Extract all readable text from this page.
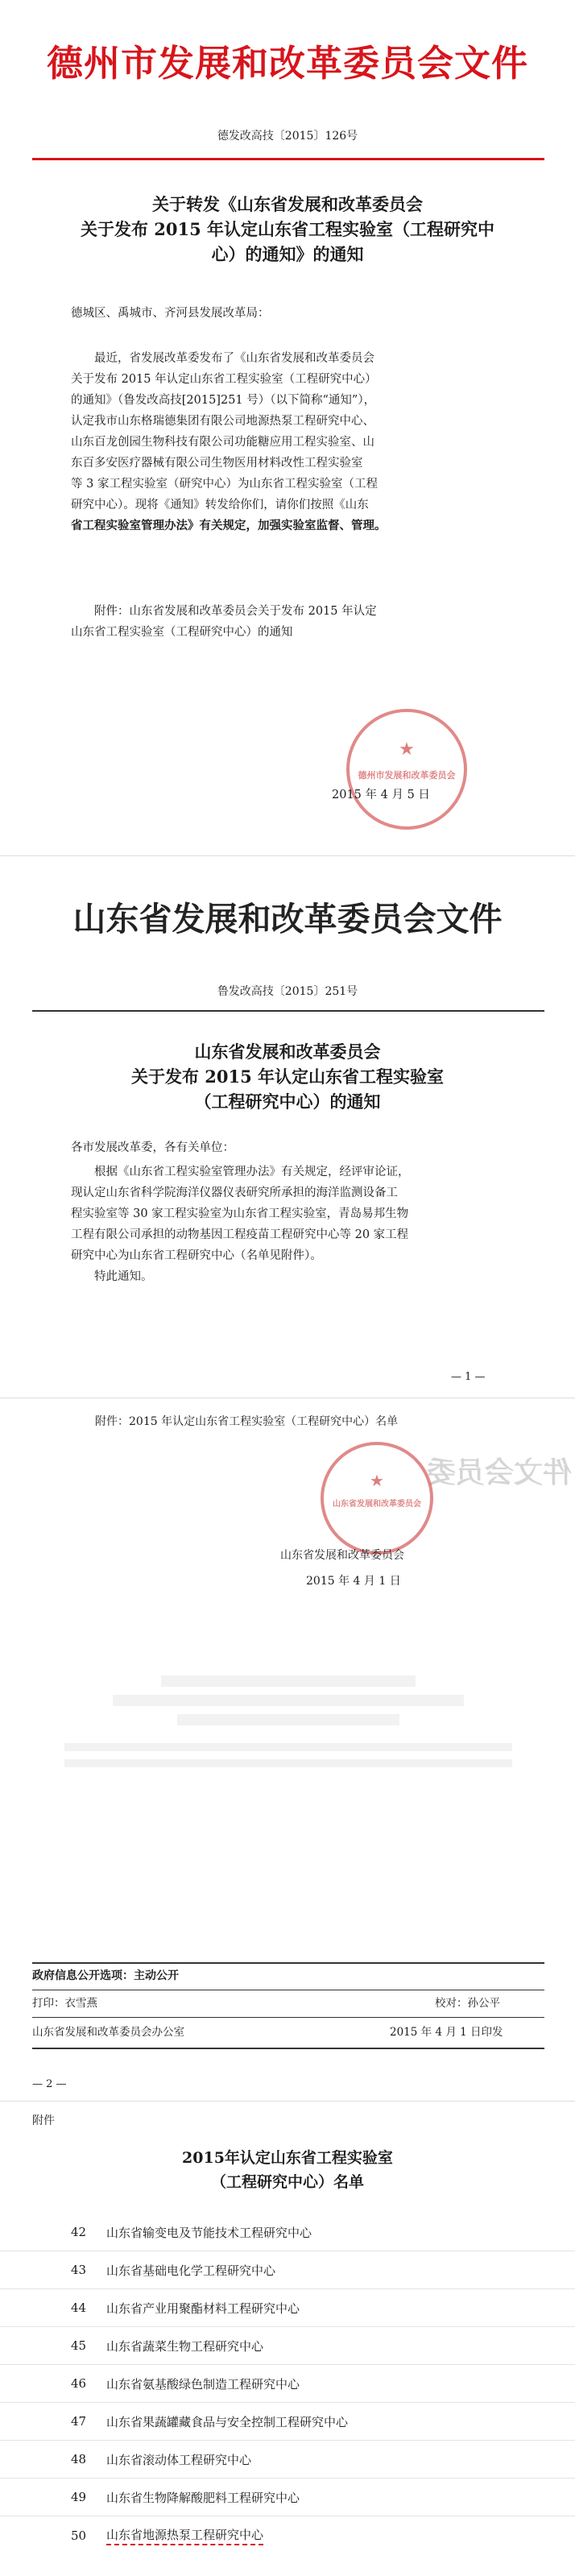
德州市发展和改革委员会文件
德发改高技〔2015〕126号
关于转发《山东省发展和改革委员会
关于发布 2015 年认定山东省工程实验室（工程研究中
心）的通知》的通知
德城区、禹城市、齐河县发展改革局：
最近，省发展改革委发布了《山东省发展和改革委员会
关于发布 2015 年认定山东省工程实验室（工程研究中心）
的通知》（鲁发改高技[2015]251 号）（以下简称“通知”），
认定我市山东格瑞德集团有限公司地源热泵工程研究中心、
山东百龙创园生物科技有限公司功能糖应用工程实验室、山
东百多安医疗器械有限公司生物医用材料改性工程实验室
等 3 家工程实验室（研究中心）为山东省工程实验室（工程
研究中心）。现将《通知》转发给你们，请你们按照《山东
省工程实验室管理办法》有关规定，加强实验室监督、管理。
附件：山东省发展和改革委员会关于发布 2015 年认定
山东省工程实验室（工程研究中心）的通知
★
德州市发展和改革委员会
2015 年 4 月 5 日
山东省发展和改革委员会文件
鲁发改高技〔2015〕251号
山东省发展和改革委员会
关于发布 2015 年认定山东省工程实验室
（工程研究中心）的通知
各市发展改革委，各有关单位：
根据《山东省工程实验室管理办法》有关规定，经评审论证，
现认定山东省科学院海洋仪器仪表研究所承担的海洋监测设备工
程实验室等 30 家工程实验室为山东省工程实验室，青岛易邦生物
工程有限公司承担的动物基因工程疫苗工程研究中心等 20 家工程
研究中心为山东省工程研究中心（名单见附件）。
特此通知。
— 1 —
附件：2015 年认定山东省工程实验室（工程研究中心）名单
件文会员委
★
山东省发展和改革委员会
山东省发展和改革委员会
2015 年 4 月 1 日
政府信息公开选项：主动公开
打印：衣雪燕	校对：孙公平
山东省发展和改革委员会办公室	2015 年 4 月 1 日印发
— 2 —
附件
2015年认定山东省工程实验室
（工程研究中心）名单
42	山东省输变电及节能技术工程研究中心
43	山东省基础电化学工程研究中心
44	山东省产业用聚酯材料工程研究中心
45	山东省蔬菜生物工程研究中心
46	山东省氨基酸绿色制造工程研究中心
47	山东省果蔬罐藏食品与安全控制工程研究中心
48	山东省滚动体工程研究中心
49	山东省生物降解酸肥料工程研究中心
50	山东省地源热泵工程研究中心
